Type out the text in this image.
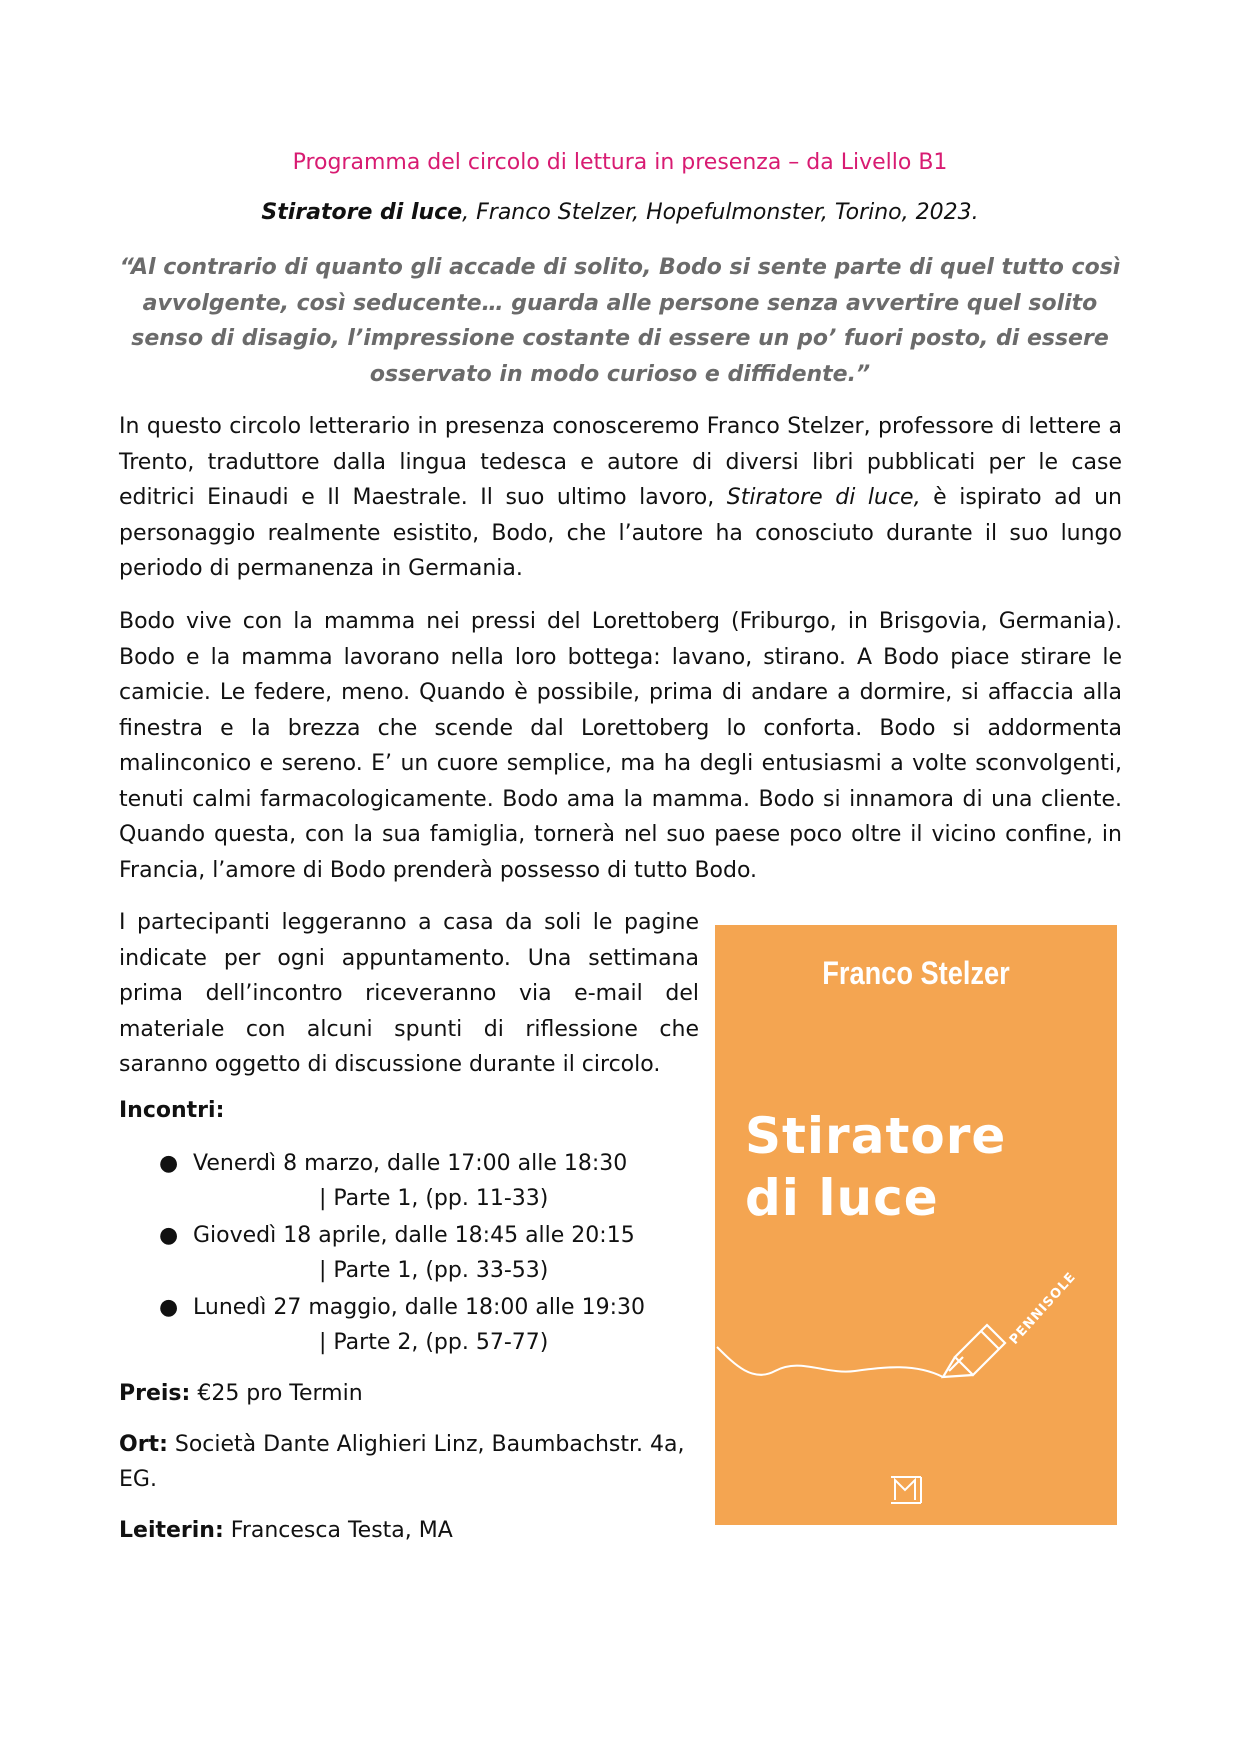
Programma del circolo di lettura in presenza – da Livello B1
Stiratore di luce, Franco Stelzer, Hopefulmonster, Torino, 2023.
“Al contrario di quanto gli accade di solito, Bodo si sente parte di quel tutto così avvolgente, così seducente… guarda alle persone senza avvertire quel solito senso di disagio, l’impressione costante di essere un po’ fuori posto, di essere osservato in modo curioso e diffidente.”
In questo circolo letterario in presenza conosceremo Franco Stelzer, professore di lettere a Trento, traduttore dalla lingua tedesca e autore di diversi libri pubblicati per le case editrici Einaudi e Il Maestrale. Il suo ultimo lavoro, Stiratore di luce, è ispirato ad un personaggio realmente esistito, Bodo, che l’autore ha conosciuto durante il suo lungo periodo di permanenza in Germania.
Bodo vive con la mamma nei pressi del Lorettoberg (Friburgo, in Brisgovia, Germania). Bodo e la mamma lavorano nella loro bottega: lavano, stirano. A Bodo piace stirare le camicie. Le federe, meno. Quando è possibile, prima di andare a dormire, si affaccia alla finestra e la brezza che scende dal Lorettoberg lo conforta. Bodo si addormenta malinconico e sereno. E’ un cuore semplice, ma ha degli entusiasmi a volte sconvolgenti, tenuti calmi farmacologicamente. Bodo ama la mamma. Bodo si innamora di una cliente. Quando questa, con la sua famiglia, tornerà nel suo paese poco oltre il vicino confine, in Francia, l’amore di Bodo prenderà possesso di tutto Bodo.
I partecipanti leggeranno a casa da soli le pagine indicate per ogni appuntamento. Una settimana prima dell’incontro riceveranno via e-mail del materiale con alcuni spunti di riflessione che saranno oggetto di discussione durante il circolo.
Incontri:
● Venerdì 8 marzo, dalle 17:00 alle 18:30
| Parte 1, (pp. 11-33)
● Giovedì 18 aprile, dalle 18:45 alle 20:15
| Parte 1, (pp. 33-53)
● Lunedì 27 maggio, dalle 18:00 alle 19:30
| Parte 2, (pp. 57-77)
Preis: €25 pro Termin
Ort: Società Dante Alighieri Linz, Baumbachstr. 4a, EG.
Leiterin: Francesca Testa, MA
Franco Stelzer
Stiratore
di luce
PENNISOLE
